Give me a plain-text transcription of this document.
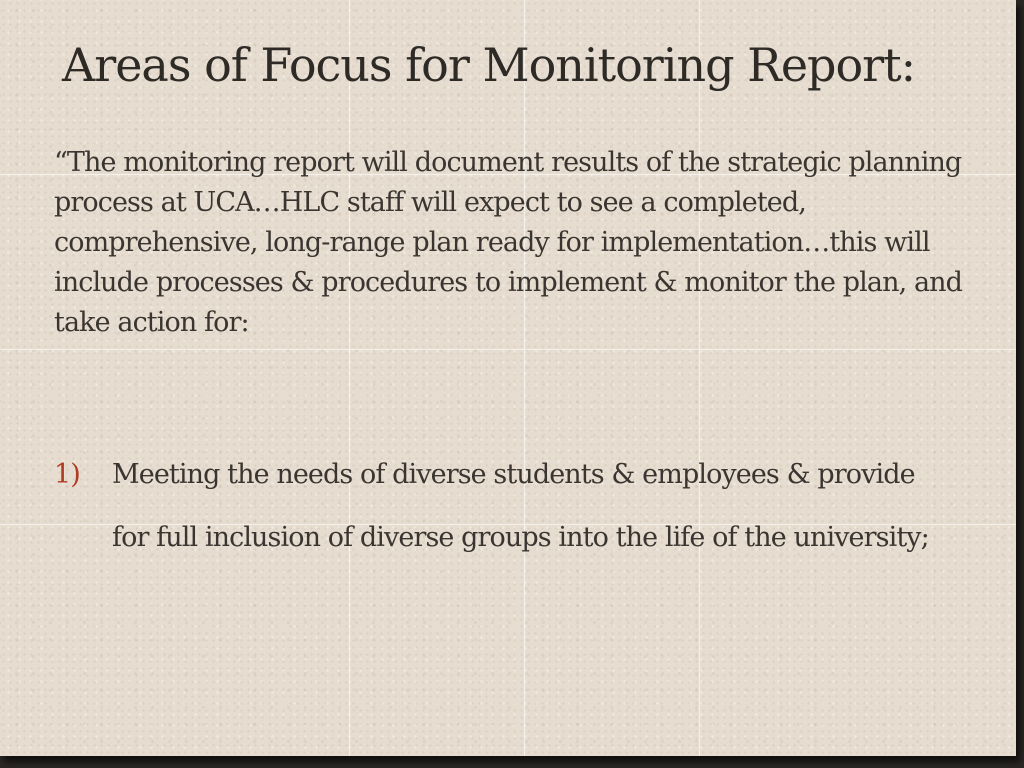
Areas of Focus for Monitoring Report:

“The monitoring report will document results of the strategic planning process at UCA…HLC staff will expect to see a completed, comprehensive, long-range plan ready for implementation…this will include processes & procedures to implement & monitor the plan, and take action for:

1)	Meeting the needs of diverse students & employees & provide for full inclusion of diverse groups into the life of the university;
